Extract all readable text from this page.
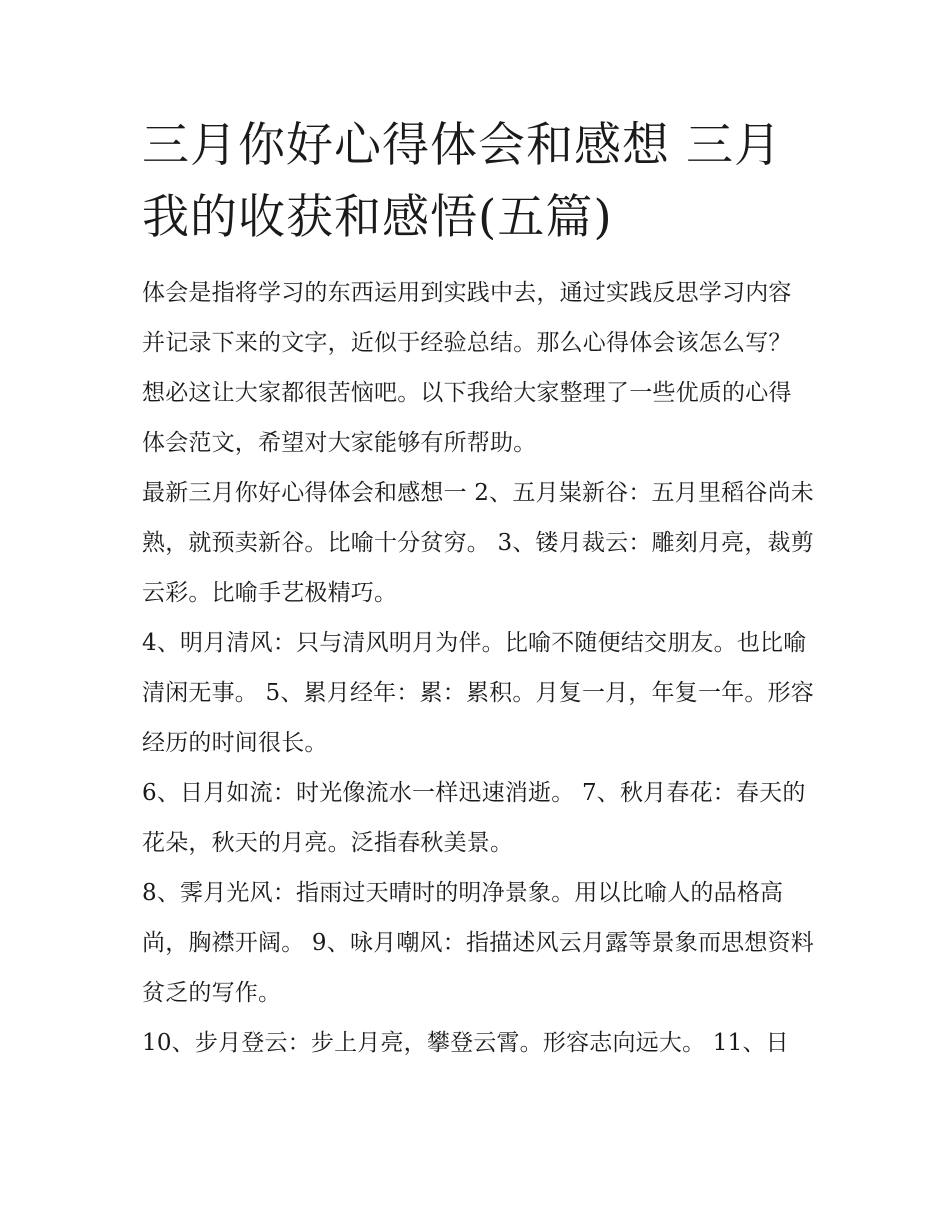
三月你好心得体会和感想 三月我的收获和感悟(五篇)

体会是指将学习的东西运用到实践中去，通过实践反思学习内容并记录下来的文字，近似于经验总结。那么心得体会该怎么写？想必这让大家都很苦恼吧。以下我给大家整理了一些优质的心得体会范文，希望对大家能够有所帮助。

最新三月你好心得体会和感想一 2、五月粜新谷：五月里稻谷尚未熟，就预卖新谷。比喻十分贫穷。 3、镂月裁云：雕刻月亮，裁剪云彩。比喻手艺极精巧。

4、明月清风：只与清风明月为伴。比喻不随便结交朋友。也比喻清闲无事。 5、累月经年：累：累积。月复一月，年复一年。形容经历的时间很长。

6、日月如流：时光像流水一样迅速消逝。 7、秋月春花：春天的花朵，秋天的月亮。泛指春秋美景。

8、霁月光风：指雨过天晴时的明净景象。用以比喻人的品格高尚，胸襟开阔。 9、咏月嘲风：指描述风云月露等景象而思想资料贫乏的写作。

10、步月登云：步上月亮，攀登云霄。形容志向远大。 11、日
